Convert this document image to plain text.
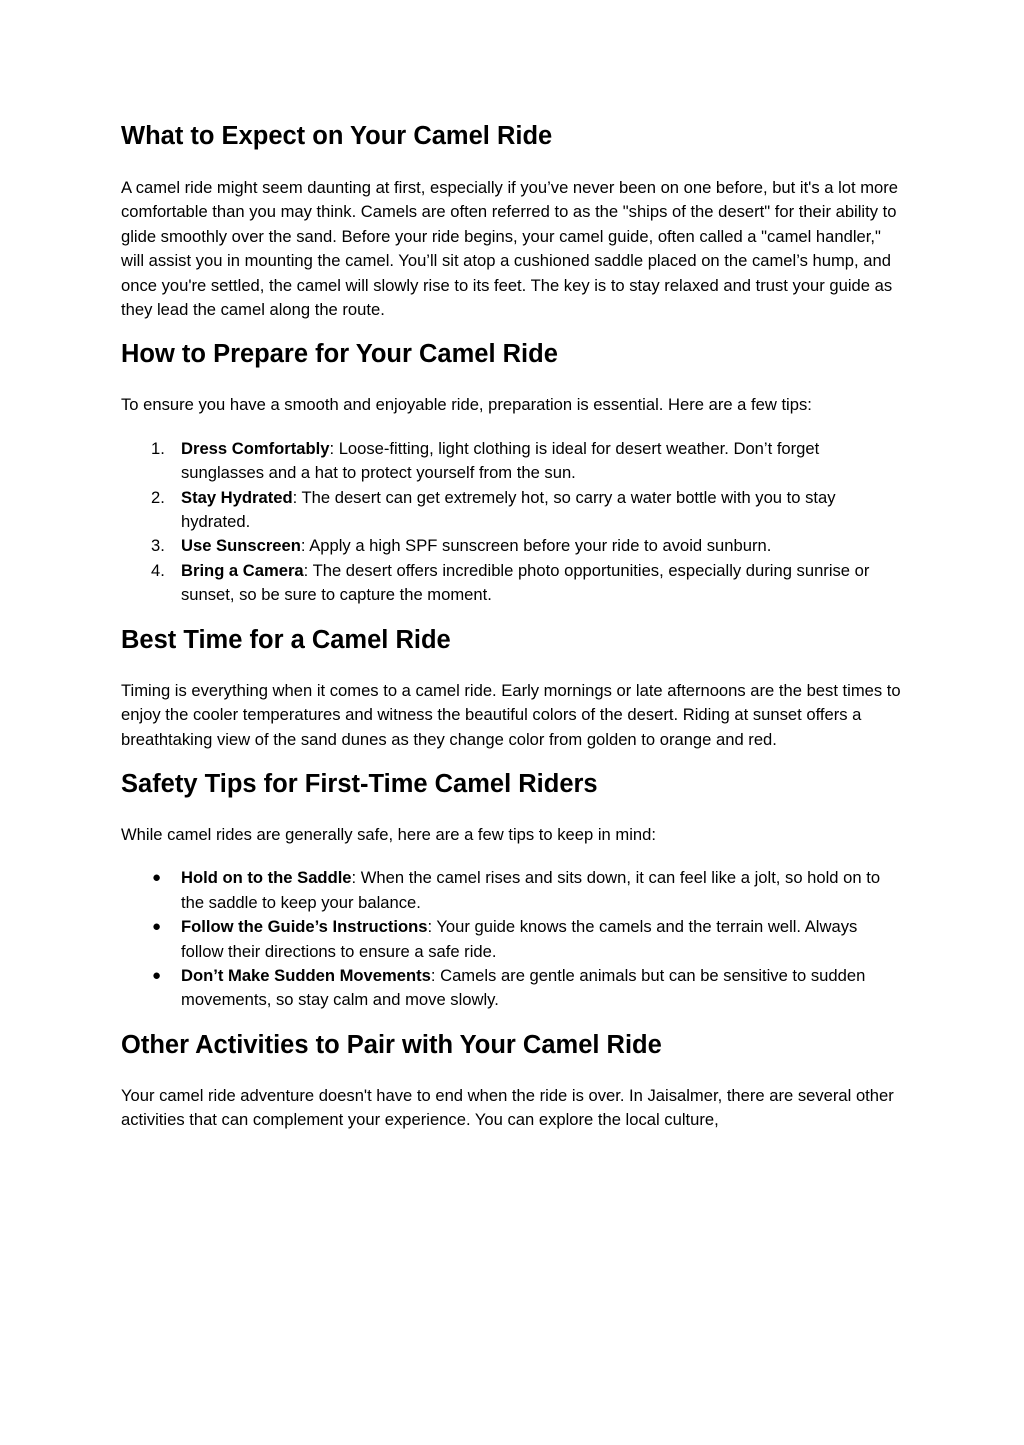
What to Expect on Your Camel Ride

A camel ride might seem daunting at first, especially if you’ve never been on one before, but it's a lot more comfortable than you may think. Camels are often referred to as the "ships of the desert" for their ability to glide smoothly over the sand. Before your ride begins, your camel guide, often called a "camel handler," will assist you in mounting the camel. You’ll sit atop a cushioned saddle placed on the camel’s hump, and once you're settled, the camel will slowly rise to its feet. The key is to stay relaxed and trust your guide as they lead the camel along the route.

How to Prepare for Your Camel Ride

To ensure you have a smooth and enjoyable ride, preparation is essential. Here are a few tips:

1. Dress Comfortably: Loose-fitting, light clothing is ideal for desert weather. Don’t forget sunglasses and a hat to protect yourself from the sun.
2. Stay Hydrated: The desert can get extremely hot, so carry a water bottle with you to stay hydrated.
3. Use Sunscreen: Apply a high SPF sunscreen before your ride to avoid sunburn.
4. Bring a Camera: The desert offers incredible photo opportunities, especially during sunrise or sunset, so be sure to capture the moment.
Best Time for a Camel Ride

Timing is everything when it comes to a camel ride. Early mornings or late afternoons are the best times to enjoy the cooler temperatures and witness the beautiful colors of the desert. Riding at sunset offers a breathtaking view of the sand dunes as they change color from golden to orange and red.

Safety Tips for First-Time Camel Riders

While camel rides are generally safe, here are a few tips to keep in mind:

● Hold on to the Saddle: When the camel rises and sits down, it can feel like a jolt, so hold on to the saddle to keep your balance.
● Follow the Guide’s Instructions: Your guide knows the camels and the terrain well. Always follow their directions to ensure a safe ride.
● Don’t Make Sudden Movements: Camels are gentle animals but can be sensitive to sudden movements, so stay calm and move slowly.
Other Activities to Pair with Your Camel Ride

Your camel ride adventure doesn't have to end when the ride is over. In Jaisalmer, there are several other activities that can complement your experience. You can explore the local culture,
